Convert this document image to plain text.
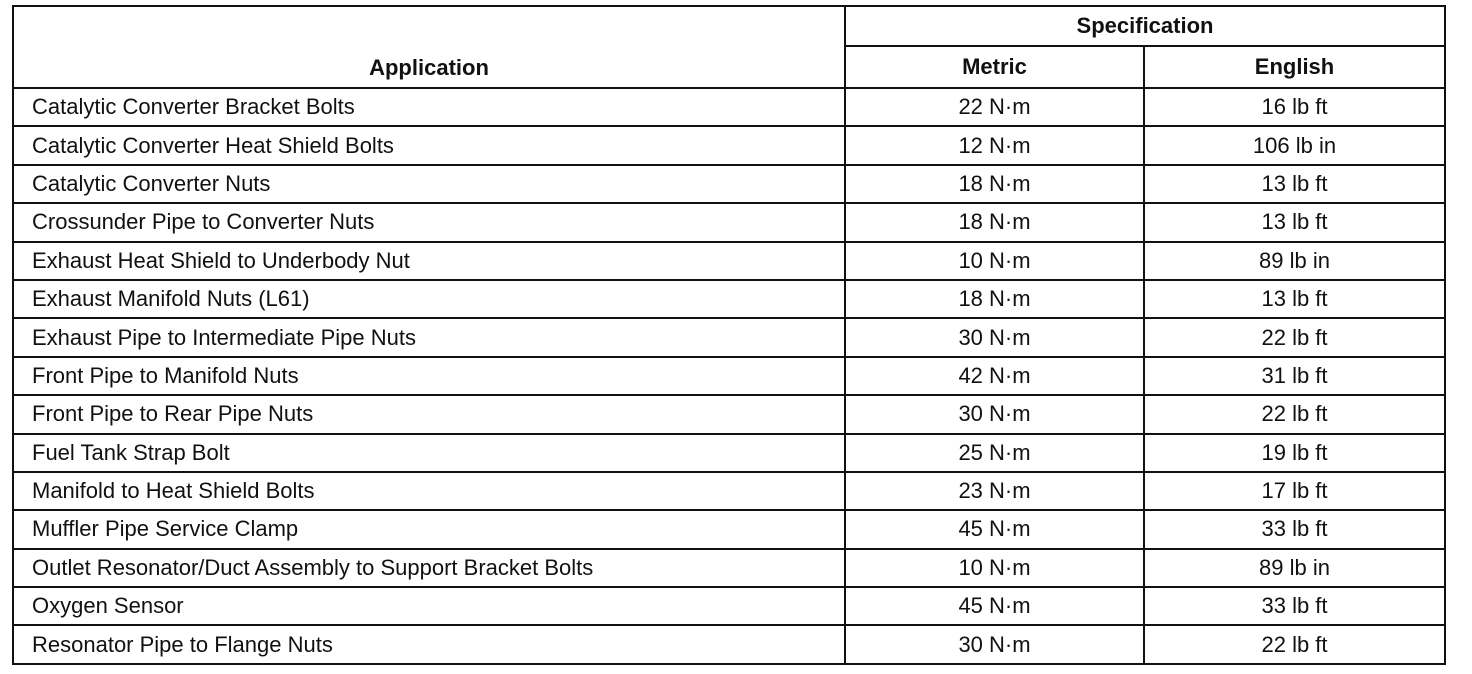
Application	Specification	
	Metric	English
Catalytic Converter Bracket Bolts	22 N·m	16 lb ft
Catalytic Converter Heat Shield Bolts	12 N·m	106 lb in
Catalytic Converter Nuts	18 N·m	13 lb ft
Crossunder Pipe to Converter Nuts	18 N·m	13 lb ft
Exhaust Heat Shield to Underbody Nut	10 N·m	89 lb in
Exhaust Manifold Nuts (L61)	18 N·m	13 lb ft
Exhaust Pipe to Intermediate Pipe Nuts	30 N·m	22 lb ft
Front Pipe to Manifold Nuts	42 N·m	31 lb ft
Front Pipe to Rear Pipe Nuts	30 N·m	22 lb ft
Fuel Tank Strap Bolt	25 N·m	19 lb ft
Manifold to Heat Shield Bolts	23 N·m	17 lb ft
Muffler Pipe Service Clamp	45 N·m	33 lb ft
Outlet Resonator/Duct Assembly to Support Bracket Bolts	10 N·m	89 lb in
Oxygen Sensor	45 N·m	33 lb ft
Resonator Pipe to Flange Nuts	30 N·m	22 lb ft
